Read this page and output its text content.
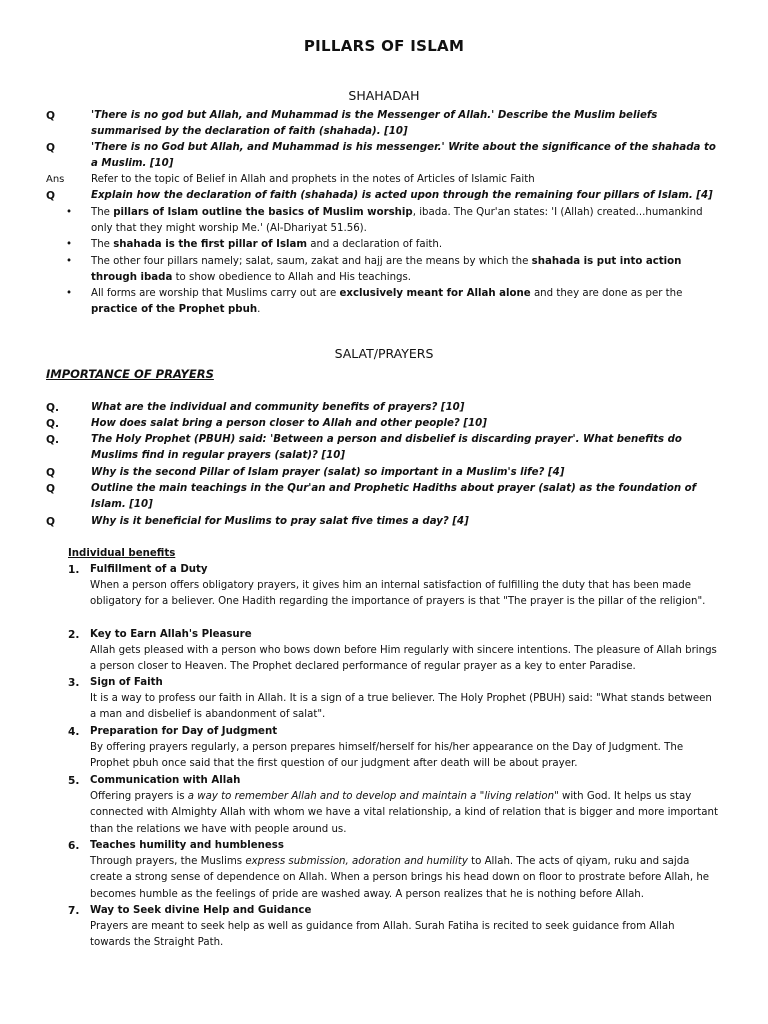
PILLARS OF ISLAM
SHAHADAH
Q	'There is no god but Allah, and Muhammad is the Messenger of Allah.' Describe the Muslim beliefs summarised by the declaration of faith (shahada). [10]
Q	'There is no God but Allah, and Muhammad is his messenger.' Write about the significance of the shahada to a Muslim. [10]
Ans	Refer to the topic of Belief in Allah and prophets in the notes of Articles of Islamic Faith
Q	Explain how the declaration of faith (shahada) is acted upon through the remaining four pillars of Islam. [4]
• The pillars of Islam outline the basics of Muslim worship, ibada. The Qur'an states: 'I (Allah) created...humankind only that they might worship Me.' (Al-Dhariyat 51.56).
• The shahada is the first pillar of Islam and a declaration of faith.
• The other four pillars namely; salat, saum, zakat and hajj are the means by which the shahada is put into action through ibada to show obedience to Allah and His teachings.
• All forms are worship that Muslims carry out are exclusively meant for Allah alone and they are done as per the practice of the Prophet pbuh.
SALAT/PRAYERS
IMPORTANCE OF PRAYERS
Q.	What are the individual and community benefits of prayers? [10]
Q.	How does salat bring a person closer to Allah and other people? [10]
Q.	The Holy Prophet (PBUH) said: 'Between a person and disbelief is discarding prayer'. What benefits do Muslims find in regular prayers (salat)? [10]
Q	Why is the second Pillar of Islam prayer (salat) so important in a Muslim's life? [4]
Q	Outline the main teachings in the Qur'an and Prophetic Hadiths about prayer (salat) as the foundation of Islam. [10]
Q	Why is it beneficial for Muslims to pray salat five times a day? [4]
Individual benefits
1. Fulfillment of a Duty
When a person offers obligatory prayers, it gives him an internal satisfaction of fulfilling the duty that has been made obligatory for a believer. One Hadith regarding the importance of prayers is that "The prayer is the pillar of the religion".
2. Key to Earn Allah's Pleasure
Allah gets pleased with a person who bows down before Him regularly with sincere intentions. The pleasure of Allah brings a person closer to Heaven. The Prophet declared performance of regular prayer as a key to enter Paradise.
3. Sign of Faith
It is a way to profess our faith in Allah. It is a sign of a true believer. The Holy Prophet (PBUH) said: "What stands between a man and disbelief is abandonment of salat".
4. Preparation for Day of Judgment
By offering prayers regularly, a person prepares himself/herself for his/her appearance on the Day of Judgment. The Prophet pbuh once said that the first question of our judgment after death will be about prayer.
5. Communication with Allah
Offering prayers is a way to remember Allah and to develop and maintain a "living relation" with God. It helps us stay connected with Almighty Allah with whom we have a vital relationship, a kind of relation that is bigger and more important than the relations we have with people around us.
6. Teaches humility and humbleness
Through prayers, the Muslims express submission, adoration and humility to Allah. The acts of qiyam, ruku and sajda create a strong sense of dependence on Allah. When a person brings his head down on floor to prostrate before Allah, he becomes humble as the feelings of pride are washed away. A person realizes that he is nothing before Allah.
7. Way to Seek divine Help and Guidance
Prayers are meant to seek help as well as guidance from Allah. Surah Fatiha is recited to seek guidance from Allah towards the Straight Path.
